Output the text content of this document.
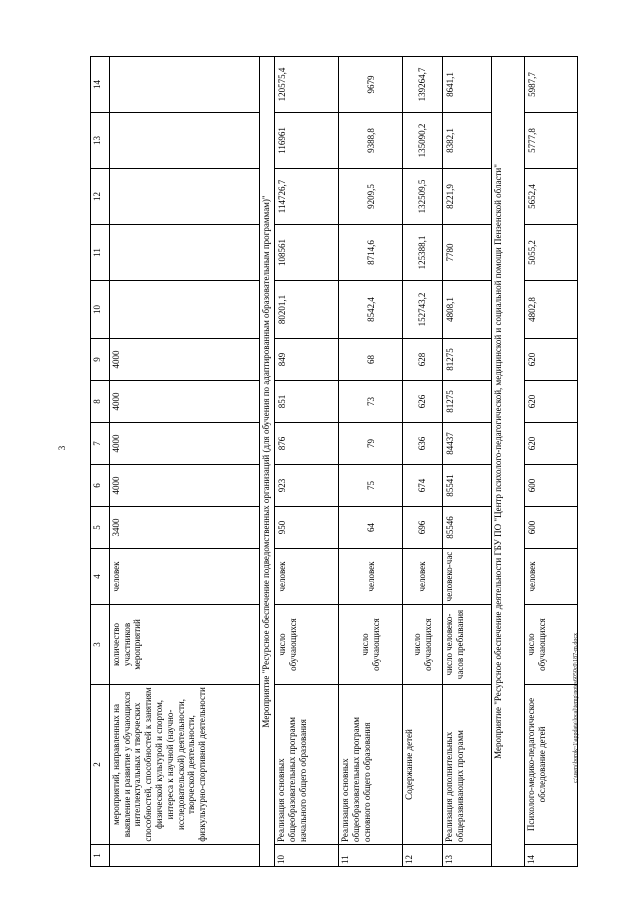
3
c:\users\borok~1\appdata\local\temp\notes6050c0\187-m.docx
1	2	3	4	5	6	7	8	9	10	11	12	13	14
	мероприятий, направленных на выявление и развитие у обучающихся интеллектуальных и творческих способностей, способностей к занятиям физической культурой и спортом, интереса к научной (научно-исследовательской) деятельности, творческой деятельности, физкультурно-спортивной деятельности	количество участников мероприятий	человек	3400	4000	4000	4000	4000					
Мероприятие "Ресурсное обеспечение подведомственных организаций (для обучения по адаптированным образовательным программам)"													
10	Реализация основных общеобразовательных программ начального общего образования	число обучающихся	человек	950	923	876	851	849	80201,1	108561	114726,7	116961	120575,4
11	Реализация основных общеобразовательных программ основного общего образования	число обучающихся	человек	64	75	79	73	68	8542,4	8714,6	9209,5	9388,8	9679
12	Содержание детей	число обучающихся	человек	696	674	636	626	628	152743,2	125388,1	132509,5	135090,2	139264,7
13	Реализация дополнительных общеразвивающих программ	число человеко-часов пребывания	человеко-час	85546	85541	84437	81275	81275	4808,1	7780	8221,9	8382,1	8641,1
Мероприятие "Ресурсное обеспечение деятельности ГБУ ПО "Центр психолого-педагогической, медицинской и социальной помощи Пензенской области"													
14	Психолого-медико-педагогическое обследование детей	число обучающихся	человек	600	600	620	620	620	4802,8	5055,2	5652,4	5777,8	5987,7
